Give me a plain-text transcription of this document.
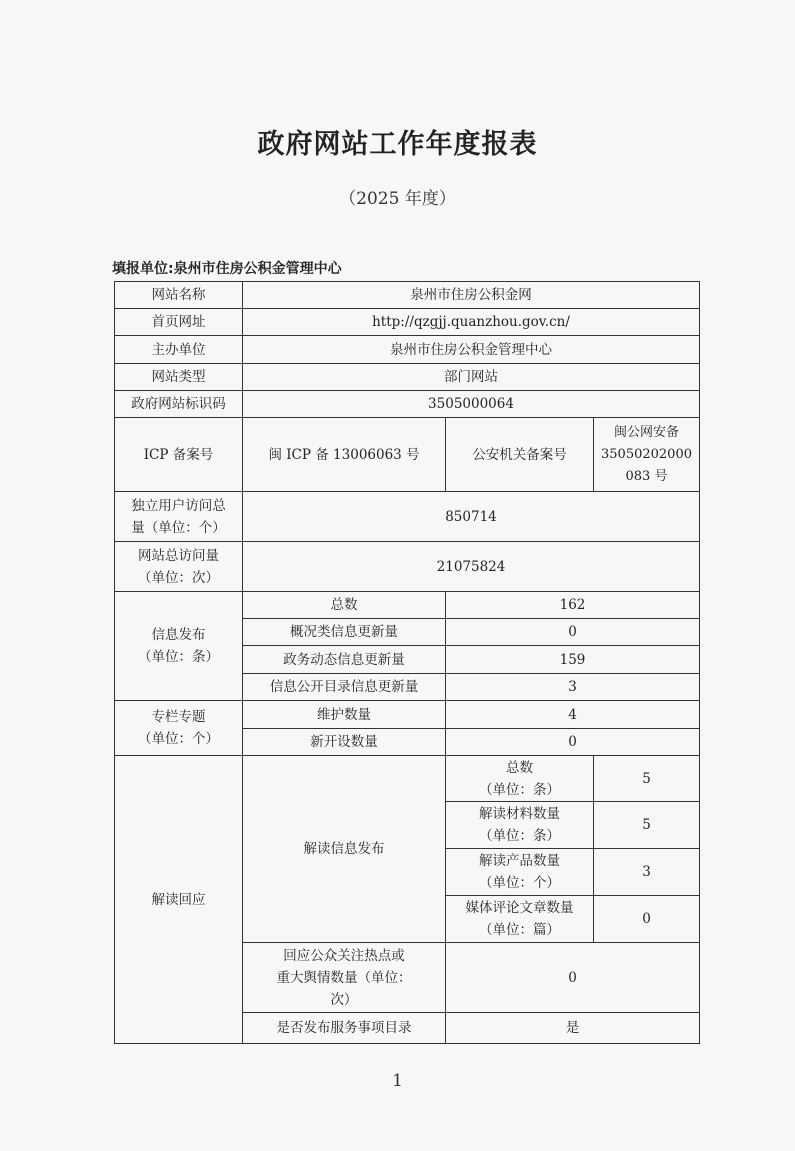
政府网站工作年度报表
（2025 年度）
填报单位:泉州市住房公积金管理中心
网站名称	泉州市住房公积金网		
首页网址	http://qzgjj.quanzhou.gov.cn/		
主办单位	泉州市住房公积金管理中心		
网站类型	部门网站		
政府网站标识码	3505000064		
ICP 备案号	闽 ICP 备 13006063 号	公安机关备案号	闽公网安备
35050202000
083 号

独立用户访问总
量（单位：个）	850714		

网站总访问量
（单位：次）	21075824		

信息发布
（单位：条）	总数	162	
	概况类信息更新量	0	
	政务动态信息更新量	159	
	信息公开目录信息更新量	3	

专栏专题
（单位：个）	维护数量	4	
	新开设数量	0	
解读回应	解读信息发布	总数
（单位：条）	5

		解读材料数量
（单位：条）	5

		解读产品数量
（单位：个）	3

		媒体评论文章数量
（单位：篇）	0

	回应公众关注热点或
重大舆情数量（单位：
次）	0	
	是否发布服务事项目录	是	
1
